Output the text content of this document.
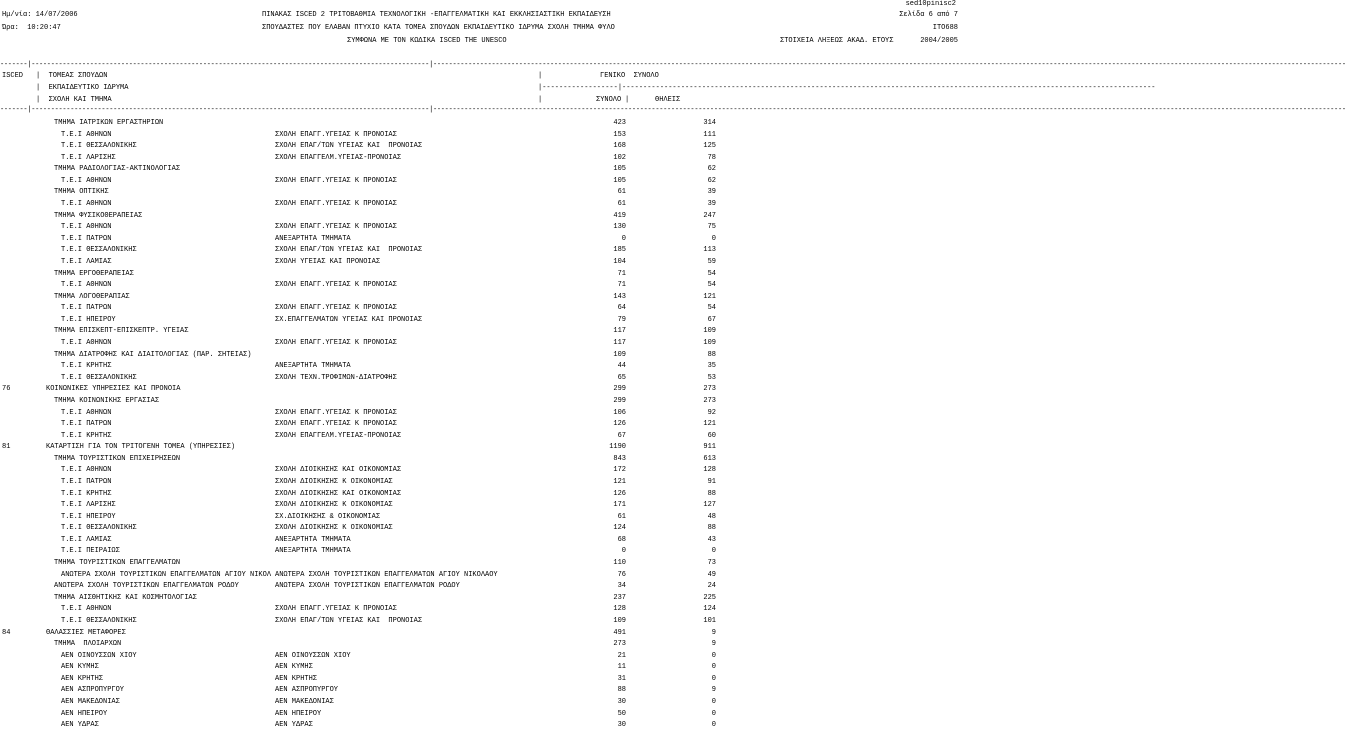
sed10pinisc2
Ημ/νία: 14/07/2006
Ώρα:  10:20:47
ΠΙΝΑΚΑΣ ISCED 2 ΤΡΙΤΟΒΑΘΜΙΑ ΤΕΧΝΟΛΟΓΙΚΗ -ΕΠΑΓΓΕΛΜΑΤΙΚΗ ΚΑΙ ΕΚΚΛΗΣΙΑΣΤΙΚΗ ΕΚΠΑΙΔΕΥΣΗ
ΣΠΟΥΔΑΣΤΕΣ ΠΟΥ ΕΛΑΒΑΝ ΠΤΥΧΙΟ ΚΑΤΑ ΤΟΜΕΑ ΣΠΟΥΔΩΝ ΕΚΠΑΙΔΕΥΤΙΚΟ ΙΔΡΥΜΑ ΣΧΟΛΗ ΤΜΗΜΑ ΦΥΛΟ
ΣΥΜΦΩΝΑ ΜΕ ΤΟΝ ΚΩΔΙΚΑ ISCED THE UNESCO
Σελίδα 6 από 7
ΙΤΟ688
ΣΤΟΙΧΕΙΑ ΛΗΞΕΩΣ ΑΚΑΔ. ΕΤΟΥΣ	2004/2005
-------|------------------------------------------------------------------------------------------------------|------------------------------------------------------------------------------------------------------------------------------------------------------------------------------------------------------------------------------------------
ISCED |  ΤΟΜΕΑΣ ΣΠΟΥΔΩΝ
|  ΕΚΠΑΙΔΕΥΤΙΚΟ ΙΔΡΥΜΑ
|  ΣΧΟΛΗ ΚΑΙ ΤΜΗΜΑ
|	ΓΕΝΙΚΟ  ΣΥΝΟΛΟ
|------------------|-------------------------------------------------------------------------------------------------------------------------------
|	ΣΥΝΟΛΟ |	ΘΗΛΕΙΣ
-------|------------------------------------------------------------------------------------------------------|------------------------------------------------------------------------------------------------------------------------------------------------------------------------------------------------------------------------------------------
ΤΜΗΜΑ ΙΑΤΡΙΚΩΝ ΕΡΓΑΣΤΗΡΙΩΝ	423	314
Τ.Ε.Ι ΑΘΗΝΩΝ	ΣΧΟΛΗ ΕΠΑΓΓ.ΥΓΕΙΑΣ Κ ΠΡΟΝΟΙΑΣ	153	111
Τ.Ε.Ι ΘΕΣΣΑΛΟΝΙΚΗΣ	ΣΧΟΛΗ ΕΠΑΓ/ΤΩΝ ΥΓΕΙΑΣ ΚΑΙ  ΠΡΟΝΟΙΑΣ	168	125
Τ.Ε.Ι ΛΑΡΙΣΗΣ	ΣΧΟΛΗ ΕΠΑΓΓΕΛΜ.ΥΓΕΙΑΣ-ΠΡΟΝΟΙΑΣ	102	78
ΤΜΗΜΑ ΡΑΔΙΟΛΟΓΙΑΣ-ΑΚΤΙΝΟΛΟΓΙΑΣ	105	62
Τ.Ε.Ι ΑΘΗΝΩΝ	ΣΧΟΛΗ ΕΠΑΓΓ.ΥΓΕΙΑΣ Κ ΠΡΟΝΟΙΑΣ	105	62
ΤΜΗΜΑ ΟΠΤΙΚΗΣ	61	39
Τ.Ε.Ι ΑΘΗΝΩΝ	ΣΧΟΛΗ ΕΠΑΓΓ.ΥΓΕΙΑΣ Κ ΠΡΟΝΟΙΑΣ	61	39
ΤΜΗΜΑ ΦΥΣΙΚΟΘΕΡΑΠΕΙΑΣ	419	247
Τ.Ε.Ι ΑΘΗΝΩΝ	ΣΧΟΛΗ ΕΠΑΓΓ.ΥΓΕΙΑΣ Κ ΠΡΟΝΟΙΑΣ	130	75
Τ.Ε.Ι ΠΑΤΡΩΝ	ΑΝΕΞΑΡΤΗΤΑ ΤΜΗΜΑΤΑ	0	0
Τ.Ε.Ι ΘΕΣΣΑΛΟΝΙΚΗΣ	ΣΧΟΛΗ ΕΠΑΓ/ΤΩΝ ΥΓΕΙΑΣ ΚΑΙ  ΠΡΟΝΟΙΑΣ	185	113
Τ.Ε.Ι ΛΑΜΙΑΣ	ΣΧΟΛΗ ΥΓΕΙΑΣ ΚΑΙ ΠΡΟΝΟΙΑΣ	104	59
ΤΜΗΜΑ ΕΡΓΟΘΕΡΑΠΕΙΑΣ	71	54
Τ.Ε.Ι ΑΘΗΝΩΝ	ΣΧΟΛΗ ΕΠΑΓΓ.ΥΓΕΙΑΣ Κ ΠΡΟΝΟΙΑΣ	71	54
ΤΜΗΜΑ ΛΟΓΟΘΕΡΑΠΙΑΣ	143	121
Τ.Ε.Ι ΠΑΤΡΩΝ	ΣΧΟΛΗ ΕΠΑΓΓ.ΥΓΕΙΑΣ Κ ΠΡΟΝΟΙΑΣ	64	54
Τ.Ε.Ι ΗΠΕΙΡΟΥ	ΣΧ.ΕΠΑΓΓΕΛΜΑΤΩΝ ΥΓΕΙΑΣ ΚΑΙ ΠΡΟΝΟΙΑΣ	79	67
ΤΜΗΜΑ ΕΠΙΣΚΕΠΤ-ΕΠΙΣΚΕΠΤΡ. ΥΓΕΙΑΣ	117	109
Τ.Ε.Ι ΑΘΗΝΩΝ	ΣΧΟΛΗ ΕΠΑΓΓ.ΥΓΕΙΑΣ Κ ΠΡΟΝΟΙΑΣ	117	109
ΤΜΗΜΑ ΔΙΑΤΡΟΦΗΣ ΚΑΙ ΔΙΑΙΤΟΛΟΓΙΑΣ (ΠΑΡ. ΣΗΤΕΙΑΣ)	109	88
Τ.Ε.Ι ΚΡΗΤΗΣ	ΑΝΕΞΑΡΤΗΤΑ ΤΜΗΜΑΤΑ	44	35
Τ.Ε.Ι ΘΕΣΣΑΛΟΝΙΚΗΣ	ΣΧΟΛΗ ΤΕΧΝ.ΤΡΟΦΙΜΩΝ-ΔΙΑΤΡΟΦΗΣ	65	53
76	ΚΟΙΝΩΝΙΚΕΣ ΥΠΗΡΕΣΙΕΣ ΚΑΙ ΠΡΟΝΟΙΑ	299	273
ΤΜΗΜΑ ΚΟΙΝΩΝΙΚΗΣ ΕΡΓΑΣΙΑΣ	299	273
Τ.Ε.Ι ΑΘΗΝΩΝ	ΣΧΟΛΗ ΕΠΑΓΓ.ΥΓΕΙΑΣ Κ ΠΡΟΝΟΙΑΣ	106	92
Τ.Ε.Ι ΠΑΤΡΩΝ	ΣΧΟΛΗ ΕΠΑΓΓ.ΥΓΕΙΑΣ Κ ΠΡΟΝΟΙΑΣ	126	121
Τ.Ε.Ι ΚΡΗΤΗΣ	ΣΧΟΛΗ ΕΠΑΓΓΕΛΜ.ΥΓΕΙΑΣ-ΠΡΟΝΟΙΑΣ	67	60
81	ΚΑΤΑΡΤΙΣΗ ΓΙΑ ΤΟΝ ΤΡΙΤΟΓΕΝΗ ΤΟΜΕΑ (ΥΠΗΡΕΣΙΕΣ)	1190	911
ΤΜΗΜΑ ΤΟΥΡΙΣΤΙΚΩΝ ΕΠΙΧΕΙΡΗΣΕΩΝ	843	613
Τ.Ε.Ι ΑΘΗΝΩΝ	ΣΧΟΛΗ ΔΙΟΙΚΗΣΗΣ ΚΑΙ ΟΙΚΟΝΟΜΙΑΣ	172	128
Τ.Ε.Ι ΠΑΤΡΩΝ	ΣΧΟΛΗ ΔΙΟΙΚΗΣΗΣ Κ ΟΙΚΟΝΟΜΙΑΣ	121	91
Τ.Ε.Ι ΚΡΗΤΗΣ	ΣΧΟΛΗ ΔΙΟΙΚΗΣΗΣ ΚΑΙ ΟΙΚΟΝΟΜΙΑΣ	126	88
Τ.Ε.Ι ΛΑΡΙΣΗΣ	ΣΧΟΛΗ ΔΙΟΙΚΗΣΗΣ Κ ΟΙΚΟΝΟΜΙΑΣ	171	127
Τ.Ε.Ι ΗΠΕΙΡΟΥ	ΣΧ.ΔΙΟΙΚΗΣΗΣ & ΟΙΚΟΝΟΜΙΑΣ	61	48
Τ.Ε.Ι ΘΕΣΣΑΛΟΝΙΚΗΣ	ΣΧΟΛΗ ΔΙΟΙΚΗΣΗΣ Κ ΟΙΚΟΝΟΜΙΑΣ	124	88
Τ.Ε.Ι ΛΑΜΙΑΣ	ΑΝΕΞΑΡΤΗΤΑ ΤΜΗΜΑΤΑ	68	43
Τ.Ε.Ι ΠΕΙΡΑΙΩΣ	ΑΝΕΞΑΡΤΗΤΑ ΤΜΗΜΑΤΑ	0	0
ΤΜΗΜΑ ΤΟΥΡΙΣΤΙΚΩΝ ΕΠΑΓΓΕΛΜΑΤΩΝ	110	73
ΑΝΩΤΕΡΑ ΣΧΟΛΗ ΤΟΥΡΙΣΤΙΚΩΝ ΕΠΑΓΓΕΛΜΑΤΩΝ ΑΓΙΟΥ ΝΙΚΟΛ ΑΝΩΤΕΡΑ ΣΧΟΛΗ ΤΟΥΡΙΣΤΙΚΩΝ ΕΠΑΓΓΕΛΜΑΤΩΝ ΑΓΙΟΥ ΝΙΚΟΛΑΟΥ	76	49
ΑΝΩΤΕΡΑ ΣΧΟΛΗ ΤΟΥΡΙΣΤΙΚΩΝ ΕΠΑΓΓΕΛΜΑΤΩΝ ΡΟΔΟΥ	ΑΝΩΤΕΡΑ ΣΧΟΛΗ ΤΟΥΡΙΣΤΙΚΩΝ ΕΠΑΓΓΕΛΜΑΤΩΝ ΡΟΔΟΥ	34	24
ΤΜΗΜΑ ΑΙΣΘΗΤΙΚΗΣ ΚΑΙ ΚΟΣΜΗΤΟΛΟΓΙΑΣ	237	225
Τ.Ε.Ι ΑΘΗΝΩΝ	ΣΧΟΛΗ ΕΠΑΓΓ.ΥΓΕΙΑΣ Κ ΠΡΟΝΟΙΑΣ	128	124
Τ.Ε.Ι ΘΕΣΣΑΛΟΝΙΚΗΣ	ΣΧΟΛΗ ΕΠΑΓ/ΤΩΝ ΥΓΕΙΑΣ ΚΑΙ  ΠΡΟΝΟΙΑΣ	109	101
84	ΘΑΛΑΣΣΙΕΣ ΜΕΤΑΦΟΡΕΣ	491	9
ΤΜΗΜΑ  ΠΛΟΙΑΡΧΩΝ	273	9
ΑΕΝ ΟΙΝΟΥΣΣΩΝ ΧΙΟΥ	ΑΕΝ ΟΙΝΟΥΣΣΩΝ ΧΙΟΥ	21	0
ΑΕΝ ΚΥΜΗΣ	ΑΕΝ ΚΥΜΗΣ	11	0
ΑΕΝ ΚΡΗΤΗΣ	ΑΕΝ ΚΡΗΤΗΣ	31	0
ΑΕΝ ΑΣΠΡΟΠΥΡΓΟΥ	ΑΕΝ ΑΣΠΡΟΠΥΡΓΟΥ	88	9
ΑΕΝ ΜΑΚΕΔΟΝΙΑΣ	ΑΕΝ ΜΑΚΕΔΟΝΙΑΣ	30	0
ΑΕΝ ΗΠΕΙΡΟΥ	ΑΕΝ ΗΠΕΙΡΟΥ	50	0
ΑΕΝ ΥΔΡΑΣ	ΑΕΝ ΥΔΡΑΣ	30	0
